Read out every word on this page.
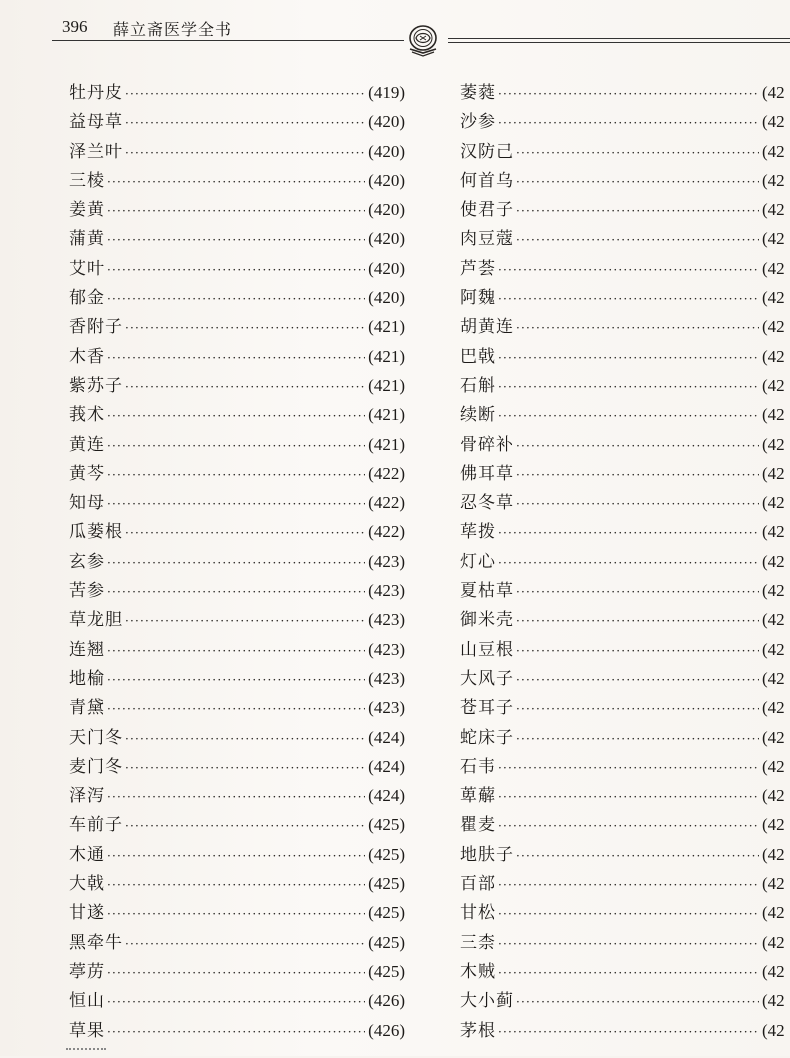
396 薛立斋医学全书
牡丹皮 ·····	(419)
益母草 ·····	(420)
泽兰叶 ·····	(420)
三棱 ·····	(420)
姜黄 ·····	(420)
蒲黄 ·····	(420)
艾叶 ·····	(420)
郁金 ·····	(420)
香附子 ·····	(421)
木香 ·····	(421)
紫苏子 ·····	(421)
莪术 ·····	(421)
黄连 ·····	(421)
黄芩 ·····	(422)
知母 ·····	(422)
瓜蒌根 ·····	(422)
玄参 ·····	(423)
苦参 ·····	(423)
草龙胆 ·····	(423)
连翘 ·····	(423)
地榆 ·····	(423)
青黛 ·····	(423)
天门冬 ·····	(424)
麦门冬 ·····	(424)
泽泻 ·····	(424)
车前子 ·····	(425)
木通 ·····	(425)
大戟 ·····	(425)
甘遂 ·····	(425)
黑牵牛 ·····	(425)
葶苈 ·····	(425)
恒山 ·····	(426)
草果 ·····	(426)
萎蕤 ·····	(42
沙参 ·····	(42
汉防己 ·····	(42
何首乌 ·····	(42
使君子 ·····	(42
肉豆蔻 ·····	(42
芦荟 ·····	(42
阿魏 ·····	(42
胡黄连 ·····	(42
巴戟 ·····	(42
石斛 ·····	(42
续断 ·····	(42
骨碎补 ·····	(42
佛耳草 ·····	(42
忍冬草 ·····	(42
荜拨 ·····	(42
灯心 ·····	(42
夏枯草 ·····	(42
御米壳 ·····	(42
山豆根 ·····	(42
大风子 ·····	(42
苍耳子 ·····	(42
蛇床子 ·····	(42
石韦 ·····	(42
萆薢 ·····	(42
瞿麦 ·····	(42
地肤子 ·····	(42
百部 ·····	(42
甘松 ·····	(42
三柰 ·····	(42
木贼 ·····	(42
大小蓟 ·····	(42
茅根 ·····	(42
